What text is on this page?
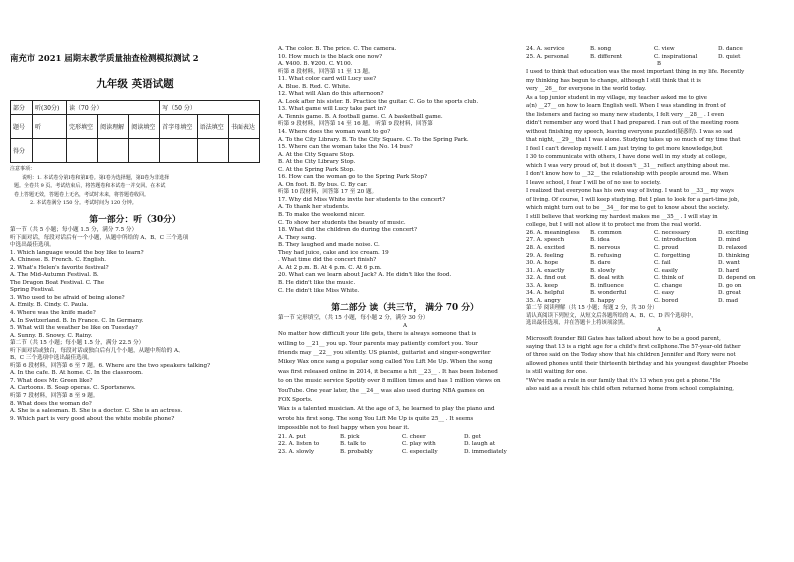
南充市 2021 届期末教学质量抽查检测模拟测试 2
九年级 英语试题
部分	听(30分)	读（70 分）			写（50 分）		
题号	听	完形填空	阅读理解	阅读填空	首字母填空	语法填空	书面表达
得分							
注意事项：
说明：1. 本试卷分第Ⅰ卷和第Ⅱ卷。第Ⅰ卷为选择题，第Ⅱ卷为非选择
题。全卷共 9 页。考试结束后，将答题卷和本试卷一并交回。在本试
卷上答题无效，答题卷上无名，考试时未来，将答题卷收回。
2. 本试卷满分 150 分。考试时间为 120 分钟。
第一部分：听（30分）
第一节（共 5 小题；每小题 1.5 分，满分 7.5 分）
听下面对话，每段对话后有一个小题，从题中所给的 A、B、C 三个选项
中选出最佳选项。
1. Which language would the boy like to learn?
A. Chinese. B. French. C. English.
2. What's Helen's favorite festival?
A. The Mid-Autumn Festival. B.
The Dragon Boat Festival. C. The
Spring Festival.
3. Who used to be afraid of being alone?
A. Emily. B. Cindy. C. Paula.
4. Where was the knife made?
A. In Switzerland. B. In France. C. In Germany.
5. What will the weather be like on Tuesday?
A. Sunny. B. Snowy. C. Rainy.
第二节（共 15 小题；每小题 1.5 分，满分 22.5 分）
听下面对话或独白，每段对话或独白后有几个小题，从题中所给的 A、
B、C 三个选项中选出最佳选项。
听第 6 段材料，回答第 6 至 7 题。6. Where are the two speakers talking?
A. In the cafe. B. At home. C. In the classroom.
7. What does Mr. Green like?
A. Cartoons. B. Soap operas. C. Sportsnews.
听第 7 段材料，回答第 8 至 9 题。
8. What does the woman do?
A. She is a salesman. B. She is a doctor. C. She is an actress.
9. Which part is very good about the white mobile phone?
A. The color. B. The price. C. The camera.
10. How much is the black one now?
A. ¥400. B. ¥200. C. ¥100.
听第 8 段材料，回答第 11 至 13 题。
11. What color card will Lucy use?
A. Blue. B. Red. C. White.
12. What will Alan do this afternoon?
A. Look after his sister. B. Practice the guitar. C. Go to the sports club.
13. What game will Lucy take part in?
A. Tennis game. B. A football game. C. A basketball game.
听第 9 段材料，回答第 14 至 16 题。 听第 9 段材料，回答第
14. Where does the woman want to go?
A. To the City Library. B. To the City Square. C. To the Spring Park.
15. Where can the woman take the No. 14 bus?
A. At the City Square Stop.
B. At the City Library Stop.
C. At the Spring Park Stop.
16. How can the woman go to the Spring Park Stop?
A. On foot. B. By bus. C. By car.
听第 10 段材料，回答第 17 至 20 题。
17. Why did Miss White invite her students to the concert?
A. To thank her students.
B. To make the weekend nicer.
C. To show her students the beauty of music.
18. What did the children do during the concert?
A. They sang.
B. They laughed and made noise. C.
They had juice, cake and ice cream. 19
. What time did the concert finish?
A. At 2 p.m. B. At 4 p.m. C. At 6 p.m.
20. What can we learn about Jack? A. He didn't like the food.
B. He didn't like the music.
C. He didn't like Miss White.
第二部分 读（共三节， 满分 70 分）
第一节 完形填空，（共 15 小题，每小题 2 分，满分 30 分）
A
No matter how difficult your life gets, there is always someone that is
willing to __21__ you up. Your parents may patiently comfort you. Your
friends may __22__ you silently. US pianist, guitarist and singer-songwriter
Mikey Wax once sang a popular song called You Lift Me Up. When the song
was first released online in 2014, it became a hit __23__ . It has been listened
to on the music service Spotify over 8 million times and has 1 million views on
YouTube. One year later, the __24__ was also used during NBA games on
FOX Sports.
Wax is a talented musician. At the age of 3, he learned to play the piano and
wrote his first song. The song You Lift Me Up is quite 25__ . It seems
impossible not to feel happy when you hear it.
21. A. put	B. pick	C. cheer	D. get
22. A. listen to	B. talk to	C. play with	D. laugh at
23. A. slowly	B. probably	C. especially	D. immediately
24. A. service	B. song	C. view	D. dance
25. A. personal	B. different	C. inspirational	D. quiet
B
I used to think that education was the most important thing in my life. Recently
my thinking has begun to change, although I still think that it is
very __26__ for everyone in the world today.
As a top junior student in my village, my teacher asked me to give
a(n) __27__ on how to learn English well. When I was standing in front of
the listeners and facing so many new students, I felt very __28__ . I even
didn't remember any word that I had prepared. I ran out of the meeting room
without finishing my speech, leaving everyone puzzled(疑惑的). I was so sad
that night, __29__ that I was alone. Studying takes up so much of my time that
I feel I can't develop myself. I am just trying to get more knowledge,but
I 30 to communicate with others, I have done well in my study at college,
which I was very proud of, but it doesn't __31__ reflect anything about me.
I don't know how to __32__ the relationship with people around me. When
I leave school, I fear I will be of no use to society.
I realized that everyone has his own way of living. I want to __33__ my ways
of living. Of course, I will keep studying. But I plan to look for a part-time job,
which might turn out to be __34__ for me to get to know about the society.
I still believe that working my hardest makes me __35__ . I will stay in
college, but I will not allow it to protect me from the real world.
26. A. meaningless	B. common	C. necessary	D. exciting
27. A. speech	B. idea	C. introduction	D. mind
28. A. excited	B. nervous	C. proud	D. relaxed
29. A. feeling	B. refusing	C. forgetting	D. thinking
30. A. hope	B. dare	C. fail	D. want
31. A. exactly	B. slowly	C. easily	D. hard
32. A. find out	B. deal with	C. think of	D. depend on
33. A. keep	B. influence	C. change	D. go on
34. A. helpful	B. wonderful	C. easy	D. great
35. A. angry	B. happy	C. bored	D. mad
第二节 阅读理解（共 15 小题；每题 2 分，共 30 分）
请认真阅读下列短文，从短文后各题所给的 A、B、C、D 四个选项中，
选出最佳选项，并在答题卡上将该项涂黑。
A
Microsoft founder Bill Gates has talked about how to be a good parent,
saying that 13 is a right age for a child's first cellphone.The 57-year-old father
of three said on the Today show that his children Jennifer and Rory were not
allowed phones until their thirteenth birthday and his youngest daughter Phoebe
is still waiting for one.
"We've made a rule in our family that it's 13 when you get a phone."He
also said as a result his child often returned home from school complaining,
